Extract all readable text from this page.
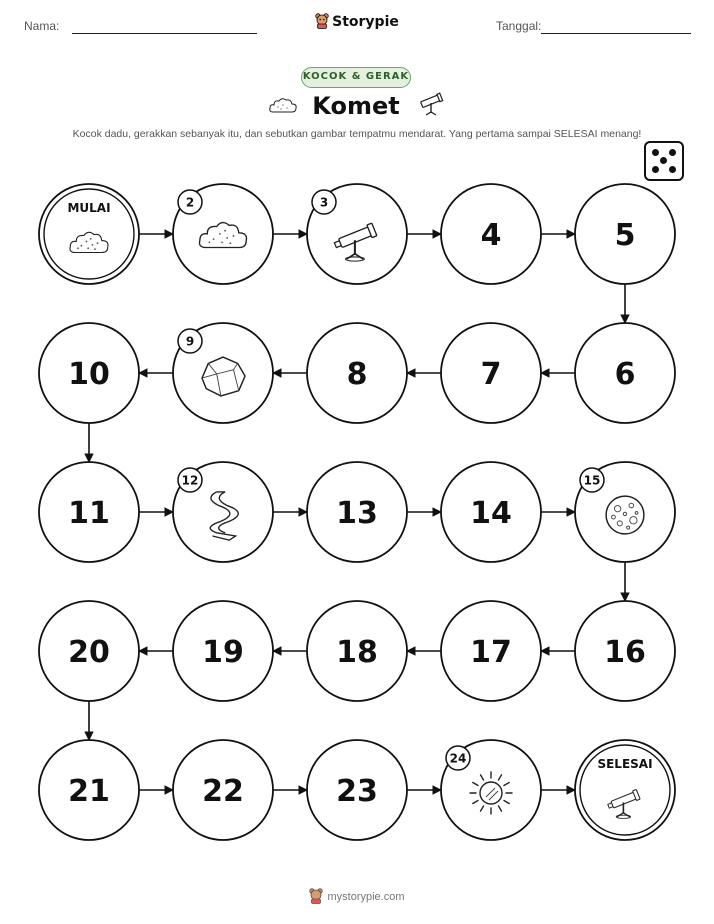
Nama:	Storypie	Tanggal:
KOCOK & GERAK
Komet
Kocok dadu, gerakkan sebanyak itu, dan sebutkan gambar tempatmu mendarat. Yang pertama sampai SELESAI menang!
MULAI	2	3
4	5
6
7
8
9
10
11
12
13	14
15
16
17
18
19
20
21	22	23
24	SELESAI
mystorypie.com
